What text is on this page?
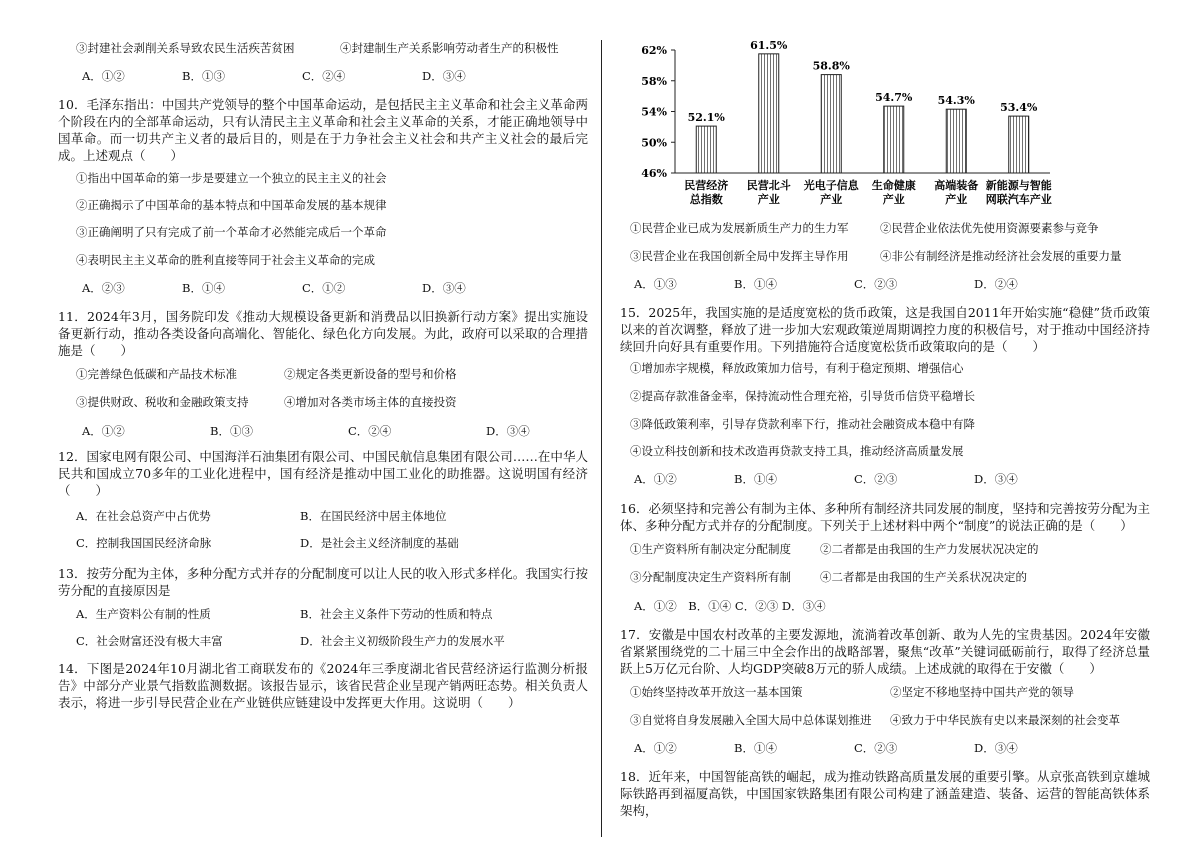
③封建社会剥削关系导致农民生活疾苦贫困	④封建制生产关系影响劳动者生产的积极性
A．①②	B．①③	C．②④	D．③④

10．毛泽东指出：中国共产党领导的整个中国革命运动，是包括民主主义革命和社会主义革命两个阶段在内的全部革命运动，只有认清民主主义革命和社会主义革命的关系，才能正确地领导中国革命。而一切共产主义者的最后目的，则是在于力争社会主义社会和共产主义社会的最后完成。上述观点（　　）

①指出中国革命的第一步是要建立一个独立的民主主义的社会
②正确揭示了中国革命的基本特点和中国革命发展的基本规律
③正确阐明了只有完成了前一个革命才必然能完成后一个革命
④表明民主主义革命的胜利直接等同于社会主义革命的完成
A．②③	B．①④	C．①②	D．③④

11．2024年3月，国务院印发《推动大规模设备更新和消费品以旧换新行动方案》提出实施设备更新行动，推动各类设备向高端化、智能化、绿色化方向发展。为此，政府可以采取的合理措施是（　　）

①完善绿色低碳和产品技术标准	②规定各类更新设备的型号和价格
③提供财政、税收和金融政策支持	④增加对各类市场主体的直接投资
A．①②	B．①③	C．②④	D．③④

12．国家电网有限公司、中国海洋石油集团有限公司、中国民航信息集团有限公司……在中华人民共和国成立70多年的工业化进程中，国有经济是推动中国工业化的助推器。这说明国有经济（　　）

A．在社会总资产中占优势	B．在国民经济中居主体地位
C．控制我国国民经济命脉	D．是社会主义经济制度的基础

13．按劳分配为主体，多种分配方式并存的分配制度可以让人民的收入形式多样化。我国实行按劳分配的直接原因是

A．生产资料公有制的性质	B．社会主义条件下劳动的性质和特点
C．社会财富还没有极大丰富	D．社会主义初级阶段生产力的发展水平

14．下图是2024年10月湖北省工商联发布的《2024年三季度湖北省民营经济运行监测分析报告》中部分产业景气指数监测数据。该报告显示，该省民营企业呈现产销两旺态势。相关负责人表示，将进一步引导民营企业在产业链供应链建设中发挥更大作用。这说明（　　）

46%
50%
54%
58%
62%
52.1%
61.5%
58.8%
54.7% 54.3%
53.4%
民营经济
总指数
民营北斗
产业
光电子信息
产业
生命健康
产业
高端装备
产业
新能源与智能
网联汽车产业
①民营企业已成为发展新质生产力的生力军	②民营企业依法优先使用资源要素参与竞争
③民营企业在我国创新全局中发挥主导作用	④非公有制经济是推动经济社会发展的重要力量
A．①③	B．①④	C．②③	D．②④

15．2025年，我国实施的是适度宽松的货币政策，这是我国自2011年开始实施“稳健”货币政策以来的首次调整，释放了进一步加大宏观政策逆周期调控力度的积极信号，对于推动中国经济持续回升向好具有重要作用。下列措施符合适度宽松货币政策取向的是（　　）

①增加赤字规模，释放政策加力信号，有利于稳定预期、增强信心
②提高存款准备金率，保持流动性合理充裕，引导货币信贷平稳增长
③降低政策利率，引导存贷款利率下行，推动社会融资成本稳中有降
④设立科技创新和技术改造再贷款支持工具，推动经济高质量发展
A．①②	B．①④	C．②③	D．③④

16．必须坚持和完善公有制为主体、多种所有制经济共同发展的制度，坚持和完善按劳分配为主体、多种分配方式并存的分配制度。下列关于上述材料中两个“制度”的说法正确的是（　　）

①生产资料所有制决定分配制度	②二者都是由我国的生产力发展状况决定的
③分配制度决定生产资料所有制	④二者都是由我国的生产关系状况决定的
A．①②　B．①④ C．②③ D．③④

17．安徽是中国农村改革的主要发源地，流淌着改革创新、敢为人先的宝贵基因。2024年安徽省紧紧围绕党的二十届三中全会作出的战略部署，聚焦“改革”关键词砥砺前行，取得了经济总量跃上5万亿元台阶、人均GDP突破8万元的骄人成绩。上述成就的取得在于安徽（　　）

①始终坚持改革开放这一基本国策	②坚定不移地坚持中国共产党的领导
③自觉将自身发展融入全国大局中总体谋划推进 ④致力于中华民族有史以来最深刻的社会变革
A．①②	B．①④	C．②③	D．③④

18．近年来，中国智能高铁的崛起，成为推动铁路高质量发展的重要引擎。从京张高铁到京雄城际铁路再到福厦高铁，中国国家铁路集团有限公司构建了涵盖建造、装备、运营的智能高铁体系架构，
